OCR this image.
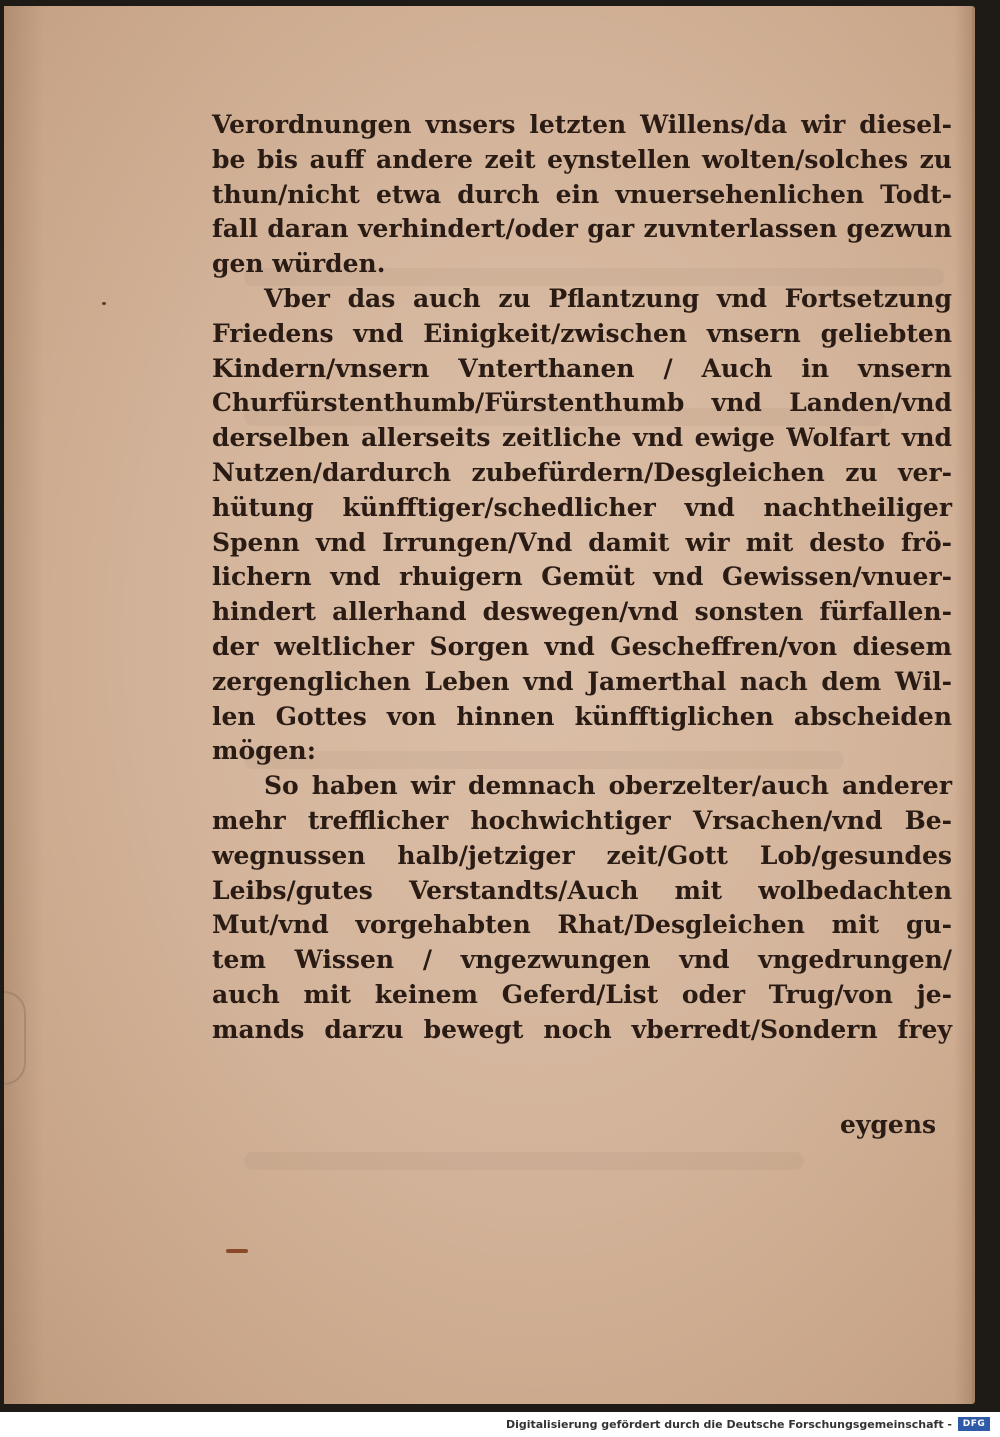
Verordnungen vnsers letzten Willens/da wir diesel-
be bis auff andere zeit eynstellen wolten/solches zu
thun/nicht etwa durch ein vnuersehenlichen Todt-
fall daran verhindert/oder gar zuvnterlassen gezwun
gen würden.
Vber das auch zu Pflantzung vnd Fortsetzung
Friedens vnd Einigkeit/zwischen vnsern geliebten
Kindern/vnsern Vnterthanen / Auch in vnsern
Churfürstenthumb/Fürstenthumb vnd Landen/vnd
derselben allerseits zeitliche vnd ewige Wolfart vnd
Nutzen/dardurch zubefürdern/Desgleichen zu ver-
hütung künfftiger/schedlicher vnd nachtheiliger
Spenn vnd Irrungen/Vnd damit wir mit desto frö-
lichern vnd rhuigern Gemüt vnd Gewissen/vnuer-
hindert allerhand deswegen/vnd sonsten fürfallen-
der weltlicher Sorgen vnd Gescheffren/von diesem
zergenglichen Leben vnd Jamerthal nach dem Wil-
len Gottes von hinnen künfftiglichen abscheiden
mögen:
So haben wir demnach oberzelter/auch anderer
mehr trefflicher hochwichtiger Vrsachen/vnd Be-
wegnussen halb/jetziger zeit/Gott Lob/gesundes
Leibs/gutes Verstandts/Auch mit wolbedachten
Mut/vnd vorgehabten Rhat/Desgleichen mit gu-
tem Wissen / vngezwungen vnd vngedrungen/
auch mit keinem Geferd/List oder Trug/von je-
mands darzu bewegt noch vberredt/Sondern frey
eygens
Digitalisierung gefördert durch die Deutsche Forschungsgemeinschaft -	DFG
